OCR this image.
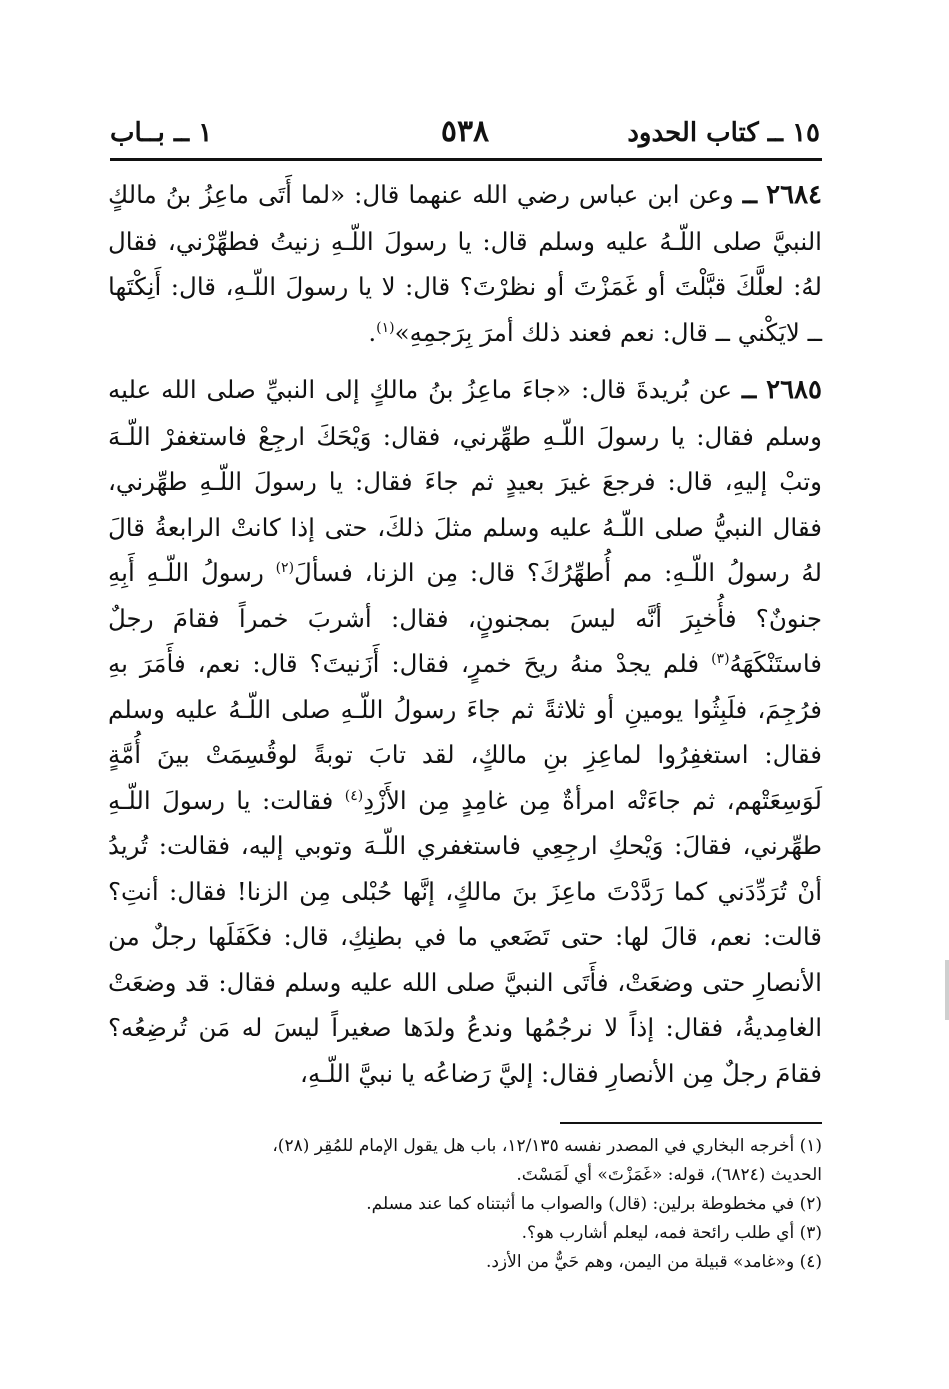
١٥ ــ كتاب الحدود
٥٣٨
١ ــ بــاب

٢٦٨٤ ــ وعن ابن عباس رضي الله عنهما قال: «لما أَتَى ماعِزُ بنُ مالكٍ النبيَّ صلى اللّـهُ عليه وسلم قال: يا رسولَ اللّـهِ زنيتُ فطهِّرْني، فقال لهُ: لعلَّكَ قبَّلْتَ أو غَمَزْتَ أو نظرْتَ؟ قال: لا يا رسولَ اللّـهِ، قال: أَنِكْتَها ــ لايَكْني ــ قال: نعم فعند ذلك أمرَ بِرَجمِهِ»$^{(١)}$.

٢٦٨٥ ــ عن بُريدةَ قال: «جاءَ ماعِزُ بنُ مالكٍ إلى النبيِّ صلى الله عليه وسلم فقال: يا رسولَ اللّـهِ طهِّرني، فقال: وَيْحَكَ ارجِعْ فاستغفرْ اللّـهَ وتبْ إليهِ، قال: فرجعَ غيرَ بعيدٍ ثم جاءَ فقال: يا رسولَ اللّـهِ طهِّرني، فقال النبيُّ صلى اللّـهُ عليه وسلم مثلَ ذلكَ، حتى إذا كانتْ الرابعةُ قالَ لهُ رسولُ اللّـهِ: مم أُطهِّرُكَ؟ قال: مِن الزنا، فسألَ$^{(٢)}$ رسولُ اللّـهِ أَبِهِ جنونٌ؟ فأُخبِرَ أنَّه ليسَ بمجنونٍ، فقال: أشربَ خمراً فقامَ رجلٌ فاستَنْكَهَهُ$^{(٣)}$ فلم يجدْ منهُ ريحَ خمرٍ، فقال: أَزَنيتَ؟ قال: نعم، فأَمَرَ بهِ فرُجِمَ، فلَبِثُوا يومينِ أو ثلاثةً ثم جاءَ رسولُ اللّـهِ صلى اللّـهُ عليه وسلم فقال: استغفِرُوا لماعِزِ بنِ مالكٍ، لقد تابَ توبةً لوقُسِمَتْ بينَ أُمَّةٍ لَوَسِعَتْهم، ثم جاءَتْه امرأةٌ مِن غامِدٍ مِن الأَزْدِ$^{(٤)}$ فقالت: يا رسولَ اللّـهِ طهِّرني، فقالَ: وَيْحكِ ارجِعِي فاستغفري اللّـهَ وتوبي إليه، فقالت: تُريدُ أنْ تُرَدِّدَني كما رَدَّدْتَ ماعِزَ بنَ مالكٍ، إنَّها حُبْلى مِن الزنا! فقال: أنتِ؟ قالت: نعم، قالَ لها: حتى تَضَعي ما في بطنِكِ، قال: فكَفَلَها رجلٌ من الأنصارِ حتى وضعَتْ، فأَتَى النبيَّ صلى الله عليه وسلم فقال: قد وضعَتْ الغامِديةُ، فقال: إذاً لا نرجُمُها وندعُ ولدَها صغيراً ليسَ له مَن تُرضِعُه؟ فقامَ رجلٌ مِن الأنصارِ فقال: إليَّ رَضاعُه يا نبيَّ اللّـهِ،

(١) أخرجه البخاري في المصدر نفسه ١٢/١٣٥، باب هل يقول الإمام للمُقِر (٢٨)،

الحديث (٦٨٢٤)، قوله: «غَمَزْتَ» أي لَمَسْتَ.

(٢) في مخطوطة برلين: (قال) والصواب ما أثبتناه كما عند مسلم.

(٣) أي طلب رائحة فمه، ليعلم أشارب هو؟.

(٤) و«غامد» قبيلة من اليمن، وهم حَيٌّ من الأزد.
